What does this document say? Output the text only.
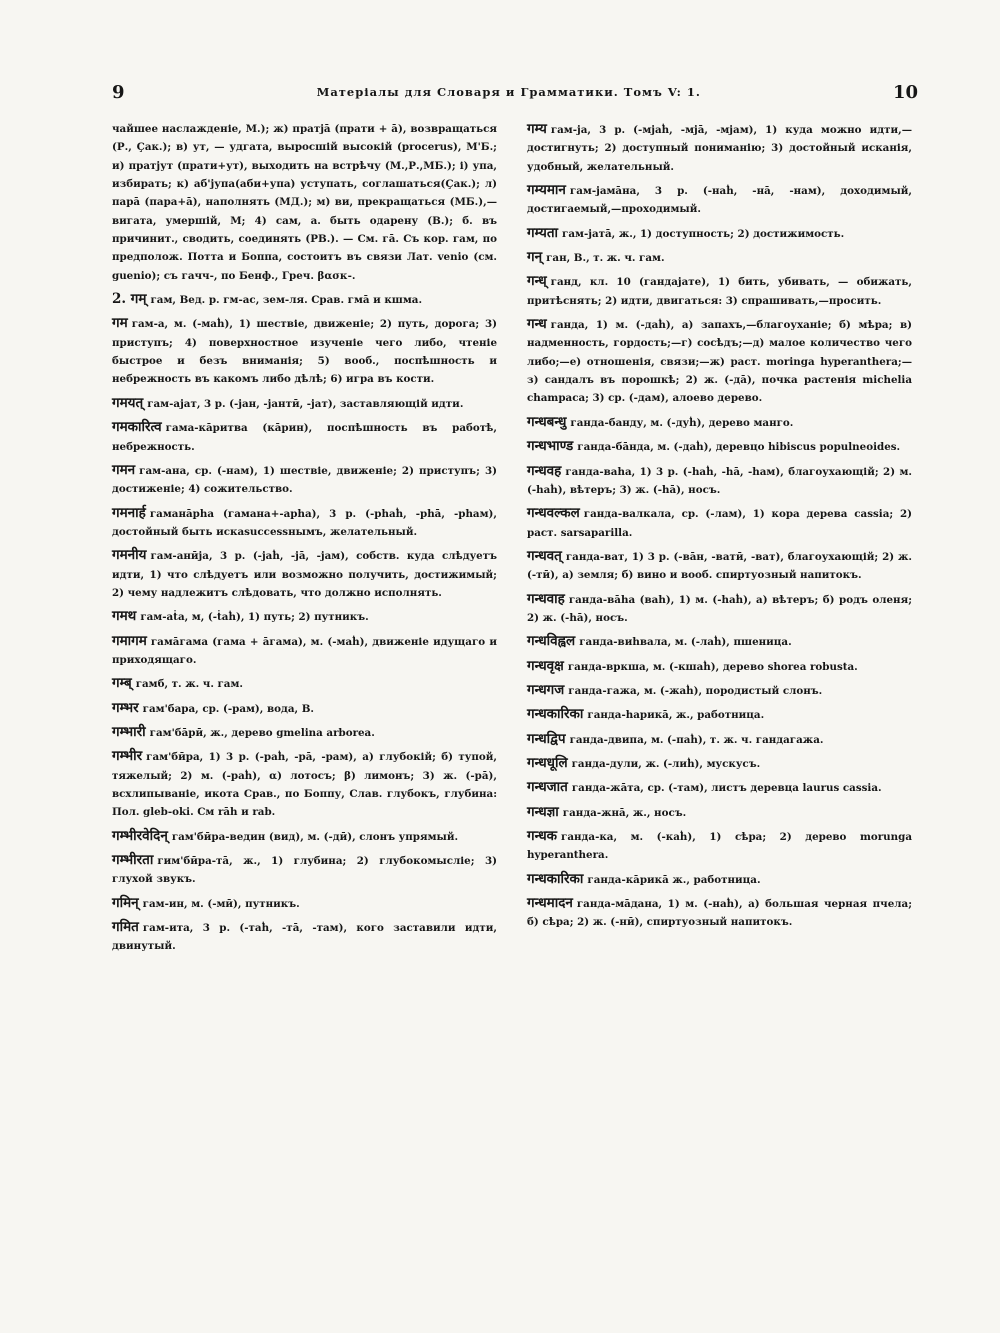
9	Матеріалы для Словаря и Грамматики. Томъ V: 1.	10
чайшее наслажденіе, М.); ж) пратjā (прати + ā), возвращаться (Р., Çак.); в) ут, — удгата, выросшій высокій (procerus), М'Б.; и) пратjут (прати+ут), выходить на встрѣчу (М.,Р.,МБ.); і) упа, избирать; к) аб'jупа(аби+упа) уступать, соглашаться(Çак.); л) парā (пара+ā), наполнять (МД.); м) ви, прекращаться (МБ.),—вигата, умершій, М; 4) сам, а. быть одарену (В.); б. въ причинит., сводить, соединять (РВ.). — См. гā. Съ кор. гам, по предполож. Потта и Боппа, состоитъ въ связи Лат. venio (см. guenio); съ гачч-, по Бенф., Греч. βασκ-.
2. गम् гам, Вед. р. гм-ас, зем-ля. Срав. гмā и кшма.
गम гам-а, м. (-маḣ), 1) шествіе, движеніе; 2) путь, дорога; 3) приступъ; 4) поверхностное изученіе чего либо, чтеніе быстрое и безъ вниманія; 5) вооб., поспѣшность и небрежность въ какомъ либо дѣлѣ; 6) игра въ кости.
गमयत् гам-аjат, 3 р. (-jан, -jантӣ, -jат), заставляющій идти.
गमकारित्व гама-кāритва (кāрин), поспѣшность въ работѣ, небрежность.
गमन гам-ана, ср. (-нам), 1) шествіе, движеніе; 2) приступъ; 3) достиженіе; 4) сожительство.
गमनार्ह гаманāрhа (гамана+-арhа), 3 р. (-рhаḣ, -рhā, -рhам), достойный быть искаsuccessнымъ, желательный.
गमनीय гам-анӣjа, 3 р. (-jаḣ, -jā, -jам), собств. куда слѣдуетъ идти, 1) что слѣдуетъ или возможно получить, достижимый; 2) чему надлежитъ слѣдовать, что должно исполнять.
गमथ гам-аṫа, м, (-ṫаḣ), 1) путь; 2) путникъ.
गमागम гамāгама (гама + āгама), м. (-маḣ), движеніе идущаго и приходящаго.
गम्ब् гамб, т. ж. ч. гам.
गम्भर гам'бара, ср. (-рам), вода, В.
गम्भारी гам'бāрӣ, ж., дерево gmelina arborea.
गम्भीर гам'бӣра, 1) 3 р. (-раḣ, -рā, -рам), а) глубокій; б) тупой, тяжелый; 2) м. (-раḣ), α) лотосъ; β) лимонъ; 3) ж. (-рā), всхлипываніе, икота Срав., по Боппу, Слав. глубокъ, глубина: Пол. gleb-oki. См rāh и rab.
गम्भीरवेदिन् гам'бӣра-ведин (вид), м. (-дӣ), слонъ упрямый.
गम्भीरता гим'бӣра-тā, ж., 1) глубина; 2) глубокомысліе; 3) глухой звукъ.
गमिन् гам-ин, м. (-мӣ), путникъ.
गमित гам-ита, 3 р. (-таḣ, -тā, -там), кого заставили идти, двинутый.
गम्य гам-jа, 3 р. (-мjаḣ, -мjā, -мjам), 1) куда можно идти,—достигнуть; 2) доступный пониманію; 3) достойный исканія, удобный, желательный.
गम्यमान гам-jамāна, 3 р. (-наḣ, -нā, -нам), доходимый, достигаемый,—проходимый.
गम्यता гам-jатā, ж., 1) доступность; 2) достижимость.
गन् ган, В., т. ж. ч. гам.
गन्ध् ганд, кл. 10 (гандаjате), 1) бить, убивать, — обижать, притѣснять; 2) идти, двигаться: 3) спрашивать,—просить.
गन्ध ганда, 1) м. (-даḣ), а) запахъ,—благоуханіе; б) мѣра; в) надменность, гордость;—г) сосѣдъ;—д) малое количество чего либо;—е) отношенія, связи;—ж) раст. moringa hyperanthera;—з) сандалъ въ порошкѣ; 2) ж. (-дā), почка растенія michelia champaca; 3) ср. (-дам), алоево дерево.
गन्धबन्धु ганда-банду, м. (-дуḣ), дерево манго.
गन्धभाण्ड ганда-бāнда, м. (-даḣ), деревцо hibiscus populneoides.
गन्धवह ганда-ваhа, 1) 3 р. (-hаḣ, -hā, -hам), благоухающій; 2) м. (-hаḣ), вѣтеръ; 3) ж. (-hā), носъ.
गन्धवल्कल ганда-валкала, ср. (-лам), 1) кора дерева cassia; 2) раст. sarsaparilla.
गन्धवत् ганда-ват, 1) 3 р. (-вāн, -ватӣ, -ват), благоухающій; 2) ж. (-тӣ), а) земля; б) вино и вооб. спиртуозный напитокъ.
गन्धवाह ганда-вāhа (ваh), 1) м. (-hаḣ), а) вѣтеръ; б) родъ оленя; 2) ж. (-hā), носъ.
गन्धविह्वल ганда-виhвала, м. (-лаḣ), пшеница.
गन्धवृक्ष ганда-вркша, м. (-кшаḣ), дерево shorea robusta.
गन्धगज ганда-гажа, м. (-жаḣ), породистый слонъ.
गन्धकारिका ганда-hарикā, ж., работница.
गन्धद्विप ганда-двипа, м. (-паḣ), т. ж. ч. гандагажа.
गन्धधूलि ганда-дули, ж. (-лиḣ), мускусъ.
गन्धजात ганда-жāта, ср. (-там), листъ деревца laurus cassia.
गन्धज्ञा ганда-жнā, ж., носъ.
गन्धक ганда-ка, м. (-каḣ), 1) сѣра; 2) дерево morunga hyperanthera.
गन्धकारिका ганда-кāрикā ж., работница.
गन्धमादन ганда-мāдана, 1) м. (-наḣ), а) большая черная пчела; б) сѣра; 2) ж. (-нӣ), спиртуозный напитокъ.
